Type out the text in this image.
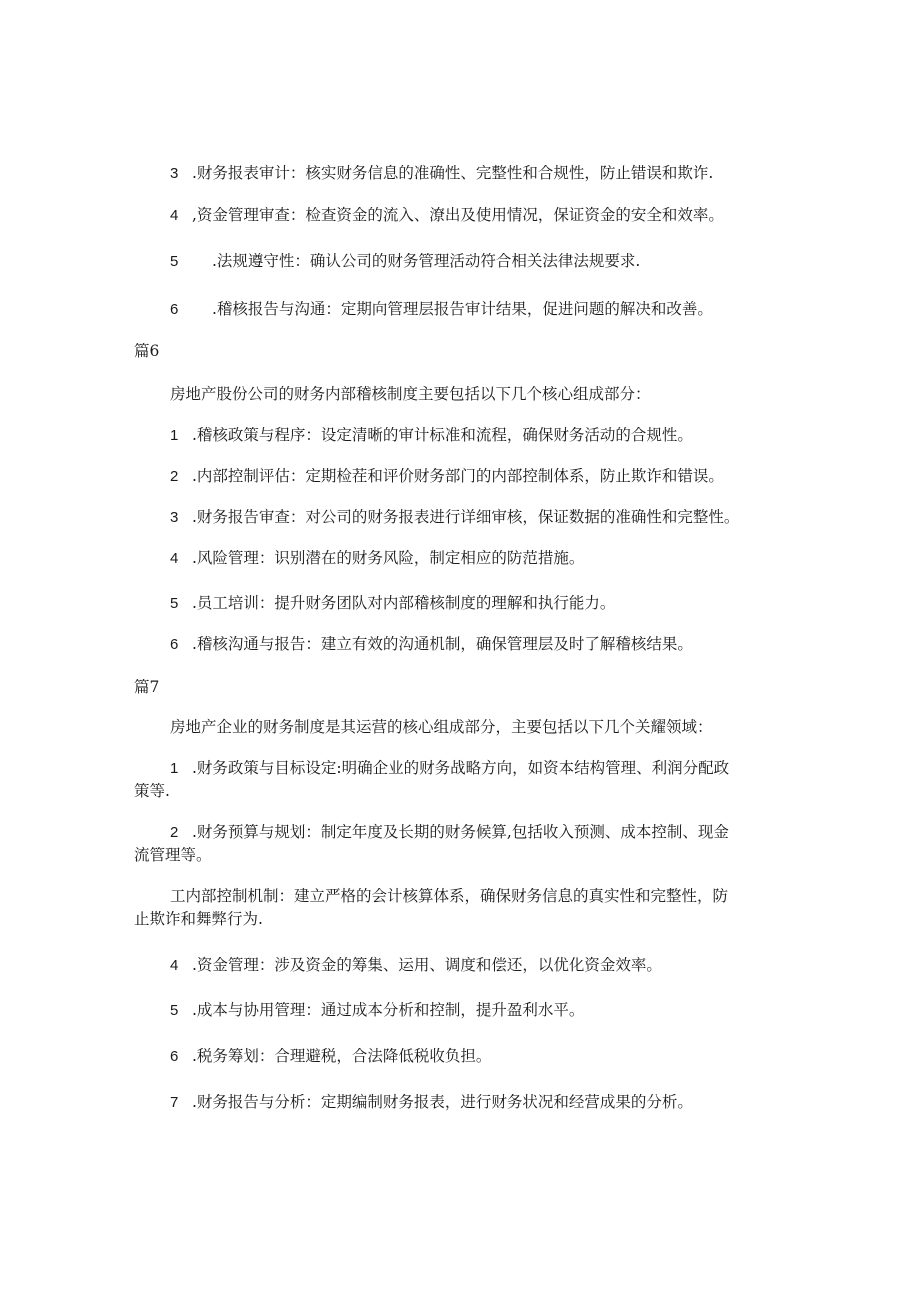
3 .财务报表审计：核实财务信息的准确性、完整性和合规性，防止错误和欺诈.
4 ,资金管理审查：检查资金的流入、潦出及使用情况，保证资金的安全和效率。
5 .法规遵守性：确认公司的财务管理活动符合相关法律法规要求.
6 .稽核报告与沟通：定期向管理层报告审计结果，促进问题的解决和改善。
篇6
房地产股份公司的财务内部稽核制度主要包括以下几个核心组成部分：
1 .稽核政策与程序：设定清晰的审计标准和流程，确保财务活动的合规性。
2 .内部控制评估：定期检茬和评价财务部门的内部控制体系，防止欺诈和错误。
3 .财务报告审查：对公司的财务报表进行详细审核，保证数据的准确性和完整性。
4 .风险管理：识别潜在的财务风险，制定相应的防范措施。
5 .员工培训：提升财务团队对内部稽核制度的理解和执行能力。
6 .稽核沟通与报告：建立有效的沟通机制，确保管理层及时了解稽核结果。
篇7
房地产企业的财务制度是其运营的核心组成部分，主要包括以下几个关耀领域：
1 .财务政策与目标设定:明确企业的财务战略方向，如资本结构管理、利润分配政
策等.
2 .财务预算与规划：制定年度及长期的财务候算,包括收入预测、成本控制、现金
流管理等。
工内部控制机制：建立严格的会计核算体系，确保财务信息的真实性和完整性，防
止欺诈和舞弊行为.
4 .资金管理：涉及资金的筹集、运用、调度和偿还，以优化资金效率。
5 .成本与协用管理：通过成本分析和控制，提升盈利水平。
6 .税务筹划：合理避税，合法降低税收负担。
7 .财务报告与分析：定期编制财务报表，进行财务状况和经营成果的分析。
